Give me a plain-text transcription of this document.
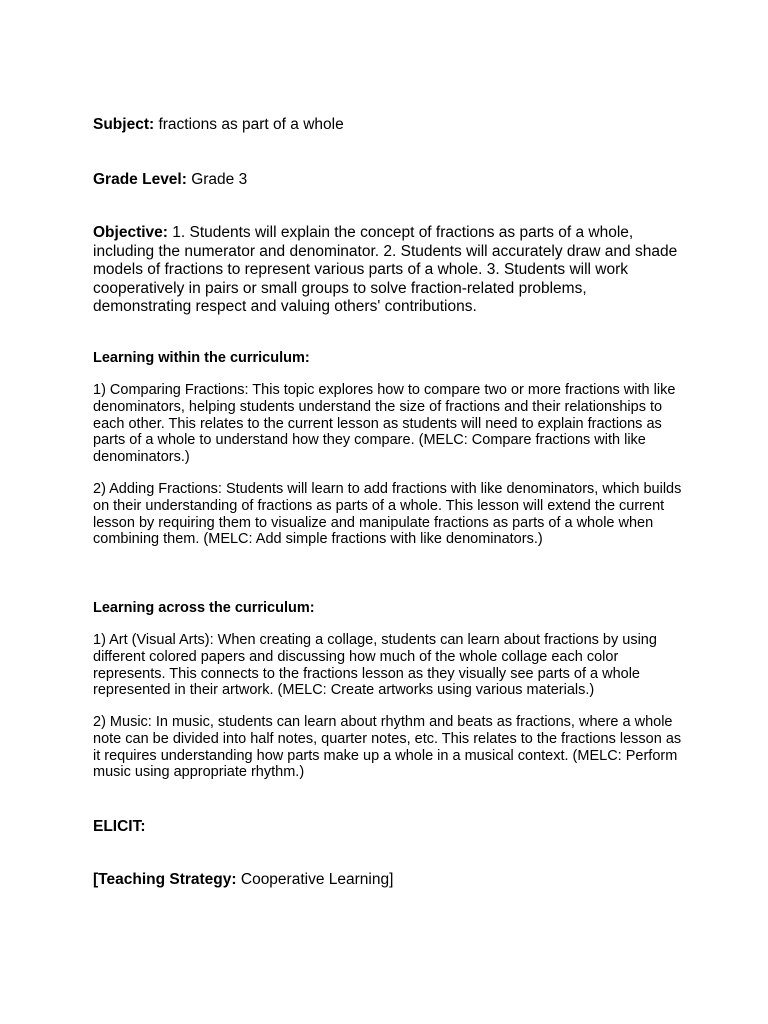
Subject: fractions as part of a whole

Grade Level: Grade 3

Objective: 1. Students will explain the concept of fractions as parts of a whole, including the numerator and denominator. 2. Students will accurately draw and shade models of fractions to represent various parts of a whole. 3. Students will work cooperatively in pairs or small groups to solve fraction-related problems, demonstrating respect and valuing others' contributions.

Learning within the curriculum:

1) Comparing Fractions: This topic explores how to compare two or more fractions with like denominators, helping students understand the size of fractions and their relationships to each other. This relates to the current lesson as students will need to explain fractions as parts of a whole to understand how they compare. (MELC: Compare fractions with like denominators.)

2) Adding Fractions: Students will learn to add fractions with like denominators, which builds on their understanding of fractions as parts of a whole. This lesson will extend the current lesson by requiring them to visualize and manipulate fractions as parts of a whole when combining them. (MELC: Add simple fractions with like denominators.)

Learning across the curriculum:

1) Art (Visual Arts): When creating a collage, students can learn about fractions by using different colored papers and discussing how much of the whole collage each color represents. This connects to the fractions lesson as they visually see parts of a whole represented in their artwork. (MELC: Create artworks using various materials.)

2) Music: In music, students can learn about rhythm and beats as fractions, where a whole note can be divided into half notes, quarter notes, etc. This relates to the fractions lesson as it requires understanding how parts make up a whole in a musical context. (MELC: Perform music using appropriate rhythm.)

ELICIT:

[Teaching Strategy: Cooperative Learning]
